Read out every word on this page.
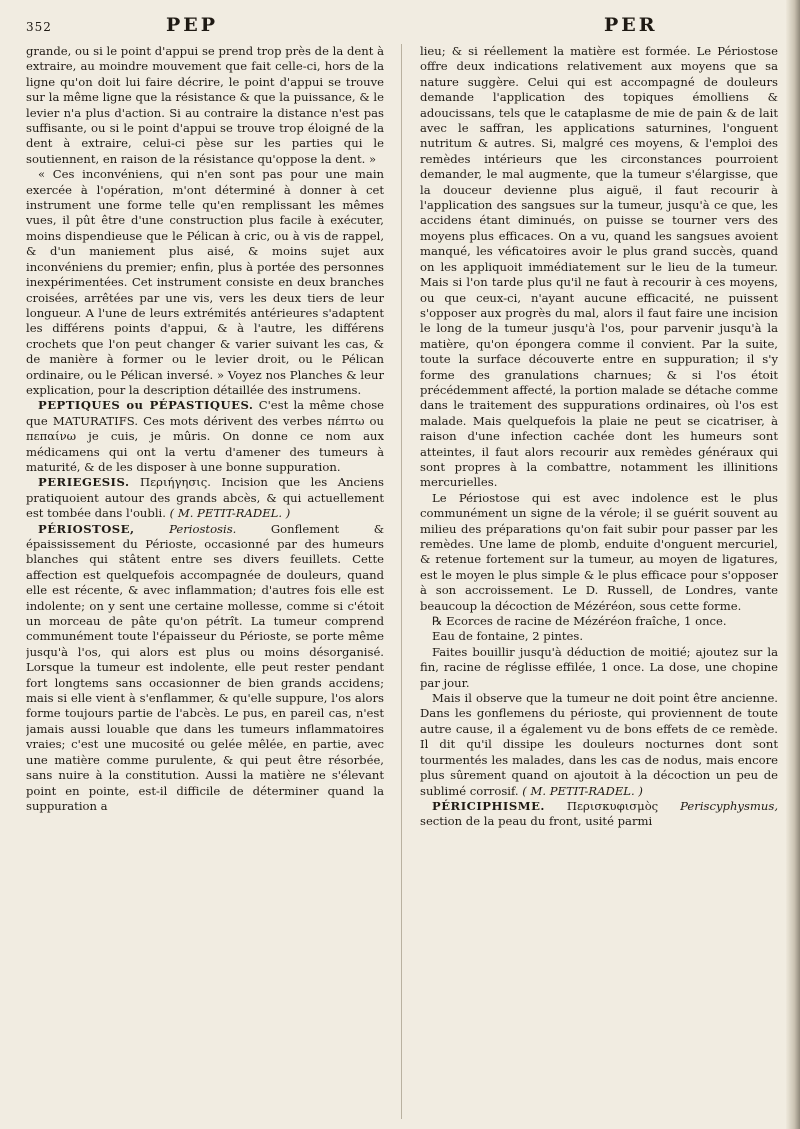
352	PEP	PER

grande, ou si le point d'appui se prend trop près de la dent à extraire, au moindre mouvement que fait celle-ci, hors de la ligne qu'on doit lui faire décrire, le point d'appui se trouve sur la même ligne que la résistance & que la puissance, & le levier n'a plus d'action. Si au contraire la distance n'est pas suffisante, ou si le point d'appui se trouve trop éloigné de la dent à extraire, celui-ci pèse sur les parties qui le soutiennent, en raison de la résistance qu'oppose la dent. »

« Ces inconvéniens, qui n'en sont pas pour une main exercée à l'opération, m'ont déterminé à donner à cet instrument une forme telle qu'en remplissant les mêmes vues, il pût être d'une construction plus facile à exécuter, moins dispendieuse que le Pélican à cric, ou à vis de rappel, & d'un maniement plus aisé, & moins sujet aux inconvéniens du premier; enfin, plus à portée des personnes inexpérimentées. Cet instrument consiste en deux branches croisées, arrêtées par une vis, vers les deux tiers de leur longueur. A l'une de leurs extrémités antérieures s'adaptent les différens points d'appui, & à l'autre, les différens crochets que l'on peut changer & varier suivant les cas, & de manière à former ou le levier droit, ou le Pélican ordinaire, ou le Pélican inversé. » Voyez nos Planches & leur explication, pour la description détaillée des instrumens.

PEPTIQUES ou PÉPASTIQUES. C'est la même chose que MATURATIFS. Ces mots dérivent des verbes πέπτω ou πεπαίνω je cuis, je mûris. On donne ce nom aux médicamens qui ont la vertu d'amener des tumeurs à maturité, & de les disposer à une bonne suppuration.

PERIEGESIS. Περιήγησις. Incision que les Anciens pratiquoient autour des grands abcès, & qui actuellement est tombée dans l'oubli. ( M. PETIT-RADEL. )

PÉRIOSTOSE,	Periostosis.	Gonflement & épaississement du Périoste, occasionné par des humeurs blanches qui stâtent entre ses divers feuillets. Cette affection est quelquefois accompagnée de douleurs, quand elle est récente, & avec inflammation; d'autres fois elle est indolente; on y sent une certaine mollesse, comme si c'étoit un morceau de pâte qu'on pétrît. La tumeur comprend communément toute l'épaisseur du Périoste, se porte même jusqu'à l'os, qui alors est plus ou moins désorganisé. Lorsque la tumeur est indolente, elle peut rester pendant fort longtems sans occasionner de bien grands accidens; mais si elle vient à s'enflammer, & qu'elle suppure, l'os alors forme toujours partie de l'abcès. Le pus, en pareil cas, n'est jamais aussi louable que dans les tumeurs inflammatoires vraies; c'est une mucosité ou gelée mêlée, en partie, avec une matière comme purulente, & qui peut être résorbée, sans nuire à la constitution. Aussi la matière ne s'élevant point en pointe, est-il difficile de déterminer quand la suppuration a

lieu; & si réellement la matière est formée. Le Périostose offre deux indications relativement aux moyens que sa nature suggère. Celui qui est accompagné de douleurs demande l'application des topiques émolliens & adoucissans, tels que le cataplasme de mie de pain & de lait avec le saffran, les applications saturnines, l'onguent nutritum & autres. Si, malgré ces moyens, & l'emploi des remèdes intérieurs que les circonstances pourroient demander, le mal augmente, que la tumeur s'élargisse, que la douceur devienne plus aiguë, il faut recourir à l'application des sangsues sur la tumeur, jusqu'à ce que, les accidens étant diminués, on puisse se tourner vers des moyens plus efficaces. On a vu, quand les sangsues avoient manqué, les véficatoires avoir le plus grand succès, quand on les appliquoit immédiatement sur le lieu de la tumeur. Mais si l'on tarde plus qu'il ne faut à recourir à ces moyens, ou que ceux-ci, n'ayant aucune efficacité, ne puissent s'opposer aux progrès du mal, alors il faut faire une incision le long de la tumeur jusqu'à l'os, pour parvenir jusqu'à la matière, qu'on épongera comme il convient. Par la suite, toute la surface découverte entre en suppuration; il s'y forme des granulations charnues; & si l'os étoit précédemment affecté, la portion malade se détache comme dans le traitement des suppurations ordinaires, où l'os est malade. Mais quelquefois la plaie ne peut se cicatriser, à raison d'une infection cachée dont les humeurs sont atteintes, il faut alors recourir aux remèdes généraux qui sont propres à la combattre, notamment les illinitions mercurielles.

Le Périostose qui est avec indolence est le plus communément un signe de la vérole; il se guérit souvent au milieu des préparations qu'on fait subir pour passer par les remèdes. Une lame de plomb, enduite d'onguent mercuriel, & retenue fortement sur la tumeur, au moyen de ligatures, est le moyen le plus simple & le plus efficace pour s'opposer à son accroissement. Le D. Russell, de Londres, vante beaucoup la décoction de Mézéréon, sous cette forme.

℞ Ecorces de racine de Mézéréon fraîche, 1 once.

Eau de fontaine, 2 pintes.

Faites bouillir jusqu'à déduction de moitié; ajoutez sur la fin, racine de réglisse effilée, 1 once. La dose, une chopine par jour.

Mais il observe que la tumeur ne doit point être ancienne. Dans les gonflemens du périoste, qui proviennent de toute autre cause, il a également vu de bons effets de ce remède. Il dit qu'il dissipe les douleurs nocturnes dont sont tourmentés les malades, dans les cas de nodus, mais encore plus sûrement quand on ajoutoit à la décoction un peu de sublimé corrosif. ( M. PETIT-RADEL. )

PÉRICIPHISME. Περισκυφισμὸς Periscyphysmus, section de la peau du front, usité parmi
